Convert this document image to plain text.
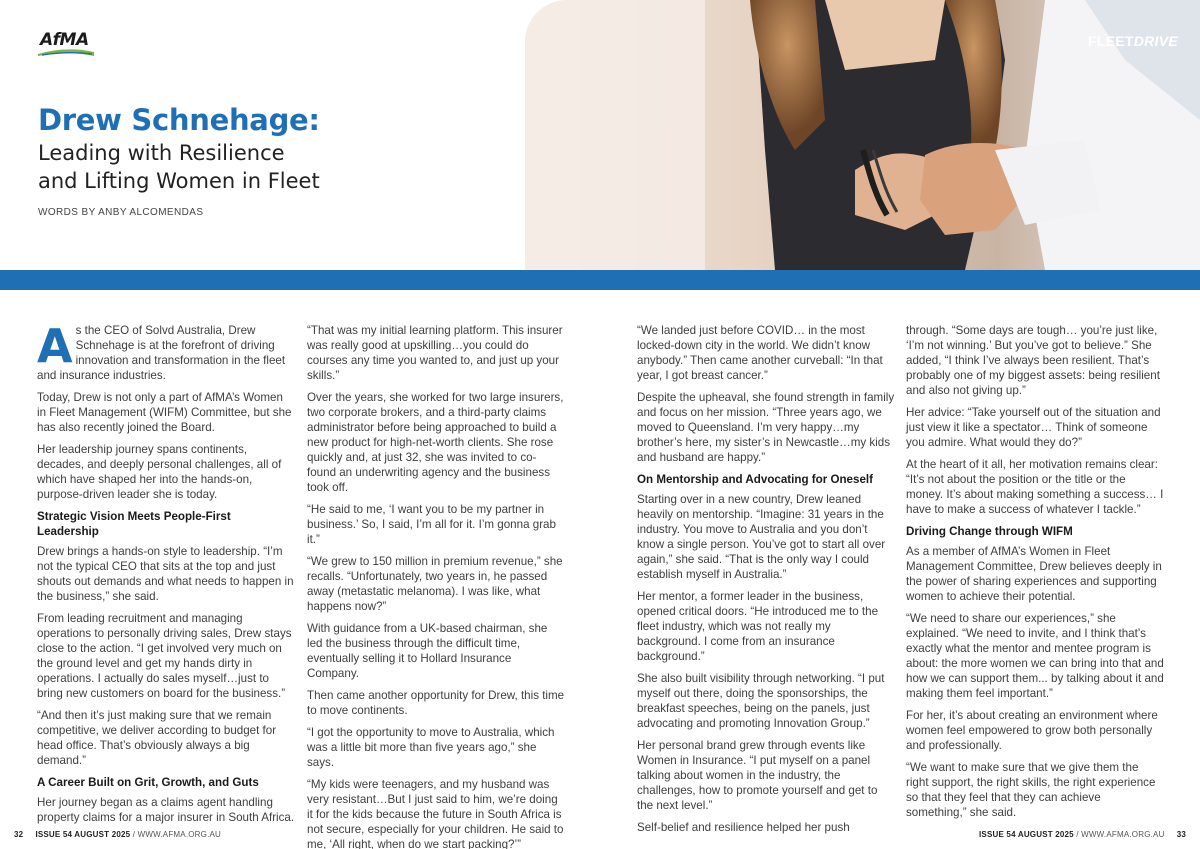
AfMA	FLEETDRIVE
Drew Schnehage:
Leading with Resilience
and Lifting Women in Fleet
WORDS BY ANBY ALCOMENDAS

As the CEO of Solvd Australia, Drew Schnehage is at the forefront of driving innovation and transformation in the fleet and insurance industries.

Today, Drew is not only a part of AfMA’s Women in Fleet Management (WIFM) Committee, but she has also recently joined the Board.

Her leadership journey spans continents, decades, and deeply personal challenges, all of which have shaped her into the hands-on, purpose-driven leader she is today.

Strategic Vision Meets People-First Leadership

Drew brings a hands-on style to leadership. “I’m not the typical CEO that sits at the top and just shouts out demands and what needs to happen in the business,” she said.

From leading recruitment and managing operations to personally driving sales, Drew stays close to the action. “I get involved very much on the ground level and get my hands dirty in operations. I actually do sales myself…just to bring new customers on board for the business.”

“And then it’s just making sure that we remain competitive, we deliver according to budget for head office. That’s obviously always a big demand.”

A Career Built on Grit, Growth, and Guts

Her journey began as a claims agent handling property claims for a major insurer in South Africa.

“That was my initial learning platform. This insurer was really good at upskilling…you could do courses any time you wanted to, and just up your skills.”

Over the years, she worked for two large insurers, two corporate brokers, and a third-party claims administrator before being approached to build a new product for high-net-worth clients. She rose quickly and, at just 32, she was invited to co-found an underwriting agency and the business took off.

“He said to me, ‘I want you to be my partner in business.’ So, I said, I’m all for it. I’m gonna grab it.”

“We grew to 150 million in premium revenue,” she recalls. “Unfortunately, two years in, he passed away (metastatic melanoma). I was like, what happens now?”

With guidance from a UK-based chairman, she led the business through the difficult time, eventually selling it to Hollard Insurance Company.

Then came another opportunity for Drew, this time to move continents.

“I got the opportunity to move to Australia, which was a little bit more than five years ago,” she says.

“My kids were teenagers, and my husband was very resistant…But I just said to him, we’re doing it for the kids because the future in South Africa is not secure, especially for your children. He said to me, ‘All right, when do we start packing?’”

“We landed just before COVID… in the most locked-down city in the world. We didn’t know anybody.” Then came another curveball: “In that year, I got breast cancer.”

Despite the upheaval, she found strength in family and focus on her mission. “Three years ago, we moved to Queensland. I’m very happy…my brother’s here, my sister’s in Newcastle…my kids and husband are happy.”

On Mentorship and Advocating for Oneself

Starting over in a new country, Drew leaned heavily on mentorship. “Imagine: 31 years in the industry. You move to Australia and you don’t know a single person. You’ve got to start all over again,” she said. “That is the only way I could establish myself in Australia.”

Her mentor, a former leader in the business, opened critical doors. “He introduced me to the fleet industry, which was not really my background. I come from an insurance background.”

She also built visibility through networking. “I put myself out there, doing the sponsorships, the breakfast speeches, being on the panels, just advocating and promoting Innovation Group.”

Her personal brand grew through events like Women in Insurance. “I put myself on a panel talking about women in the industry, the challenges, how to promote yourself and get to the next level.”

Self-belief and resilience helped her push

through. “Some days are tough… you’re just like, ‘I’m not winning.’ But you’ve got to believe.” She added, “I think I’ve always been resilient. That’s probably one of my biggest assets: being resilient and also not giving up.”

Her advice: “Take yourself out of the situation and just view it like a spectator… Think of someone you admire. What would they do?”

At the heart of it all, her motivation remains clear: “It’s not about the position or the title or the money. It’s about making something a success… I have to make a success of whatever I tackle.”

Driving Change through WIFM

As a member of AfMA’s Women in Fleet Management Committee, Drew believes deeply in the power of sharing experiences and supporting women to achieve their potential.

“We need to share our experiences,” she explained. “We need to invite, and I think that’s exactly what the mentor and mentee program is about: the more women we can bring into that and how we can support them... by talking about it and making them feel important.”

For her, it’s about creating an environment where women feel empowered to grow both personally and professionally.

“We want to make sure that we give them the right support, the right skills, the right experience so that they feel that they can achieve something,” she said.

32 ISSUE 54 AUGUST 2025 / WWW.AFMA.ORG.AU	ISSUE 54 AUGUST 2025 / WWW.AFMA.ORG.AU 33
